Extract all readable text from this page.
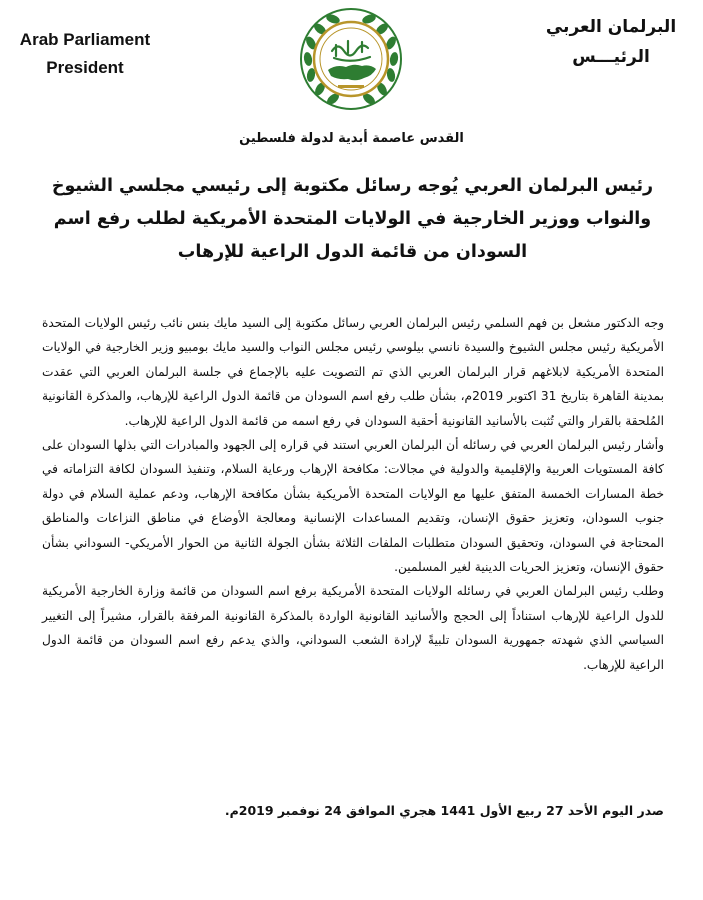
Arab Parliament
President
البرلمان العربي
الرئيـــس
القدس عاصمة أبدية لدولة فلسطين
رئيس البرلمان العربي يُوجه رسائل مكتوبة إلى رئيسي مجلسي الشيوخ والنواب ووزير الخارجية في الولايات المتحدة الأمريكية لطلب رفع اسم السودان من قائمة الدول الراعية للإرهاب

وجه الدكتور مشعل بن فهم السلمي رئيس البرلمان العربي رسائل مكتوبة إلى السيد مايك بنس نائب رئيس الولايات المتحدة الأمريكية رئيس مجلس الشيوخ والسيدة نانسي بيلوسي رئيس مجلس النواب والسيد مايك بومبيو وزير الخارجية في الولايات المتحدة الأمريكية لابلاغهم قرار البرلمان العربي الذي تم التصويت عليه بالإجماع في جلسة البرلمان العربي التي عقدت بمدينة القاهرة بتاريخ 31 اكتوبر 2019م، بشأن طلب رفع اسم السودان من قائمة الدول الراعية للإرهاب، والمذكرة القانونية المُلحقة بالقرار والتي تُثبت بالأسانيد القانونية أحقية السودان في رفع اسمه من قائمة الدول الراعية للإرهاب.

وأشار رئيس البرلمان العربي في رسائله أن البرلمان العربي استند في قراره إلى الجهود والمبادرات التي بذلها السودان على كافة المستويات العربية والإقليمية والدولية في مجالات: مكافحة الإرهاب ورعاية السلام، وتنفيذ السودان لكافة التزاماته في خطة المسارات الخمسة المتفق عليها مع الولايات المتحدة الأمريكية بشأن مكافحة الإرهاب، ودعم عملية السلام في دولة جنوب السودان، وتعزيز حقوق الإنسان، وتقديم المساعدات الإنسانية ومعالجة الأوضاع في مناطق النزاعات والمناطق المحتاجة في السودان، وتحقيق السودان متطلبات الملفات الثلاثة بشأن الجولة الثانية من الحوار الأمريكي- السوداني بشأن حقوق الإنسان، وتعزيز الحريات الدينية لغير المسلمين.

وطلب رئيس البرلمان العربي في رسائله الولايات المتحدة الأمريكية برفع اسم السودان من قائمة وزارة الخارجية الأمريكية للدول الراعية للإرهاب استناداً إلى الحجج والأسانيد القانونية الواردة بالمذكرة القانونية المرفقة بالقرار، مشيراً إلى التغيير السياسي الذي شهدته جمهورية السودان تلبيةً لإرادة الشعب السوداني، والذي يدعم رفع اسم السودان من قائمة الدول الراعية للإرهاب.

صدر اليوم الأحد 27 ربيع الأول 1441 هجري الموافق 24 نوفمبر 2019م.
